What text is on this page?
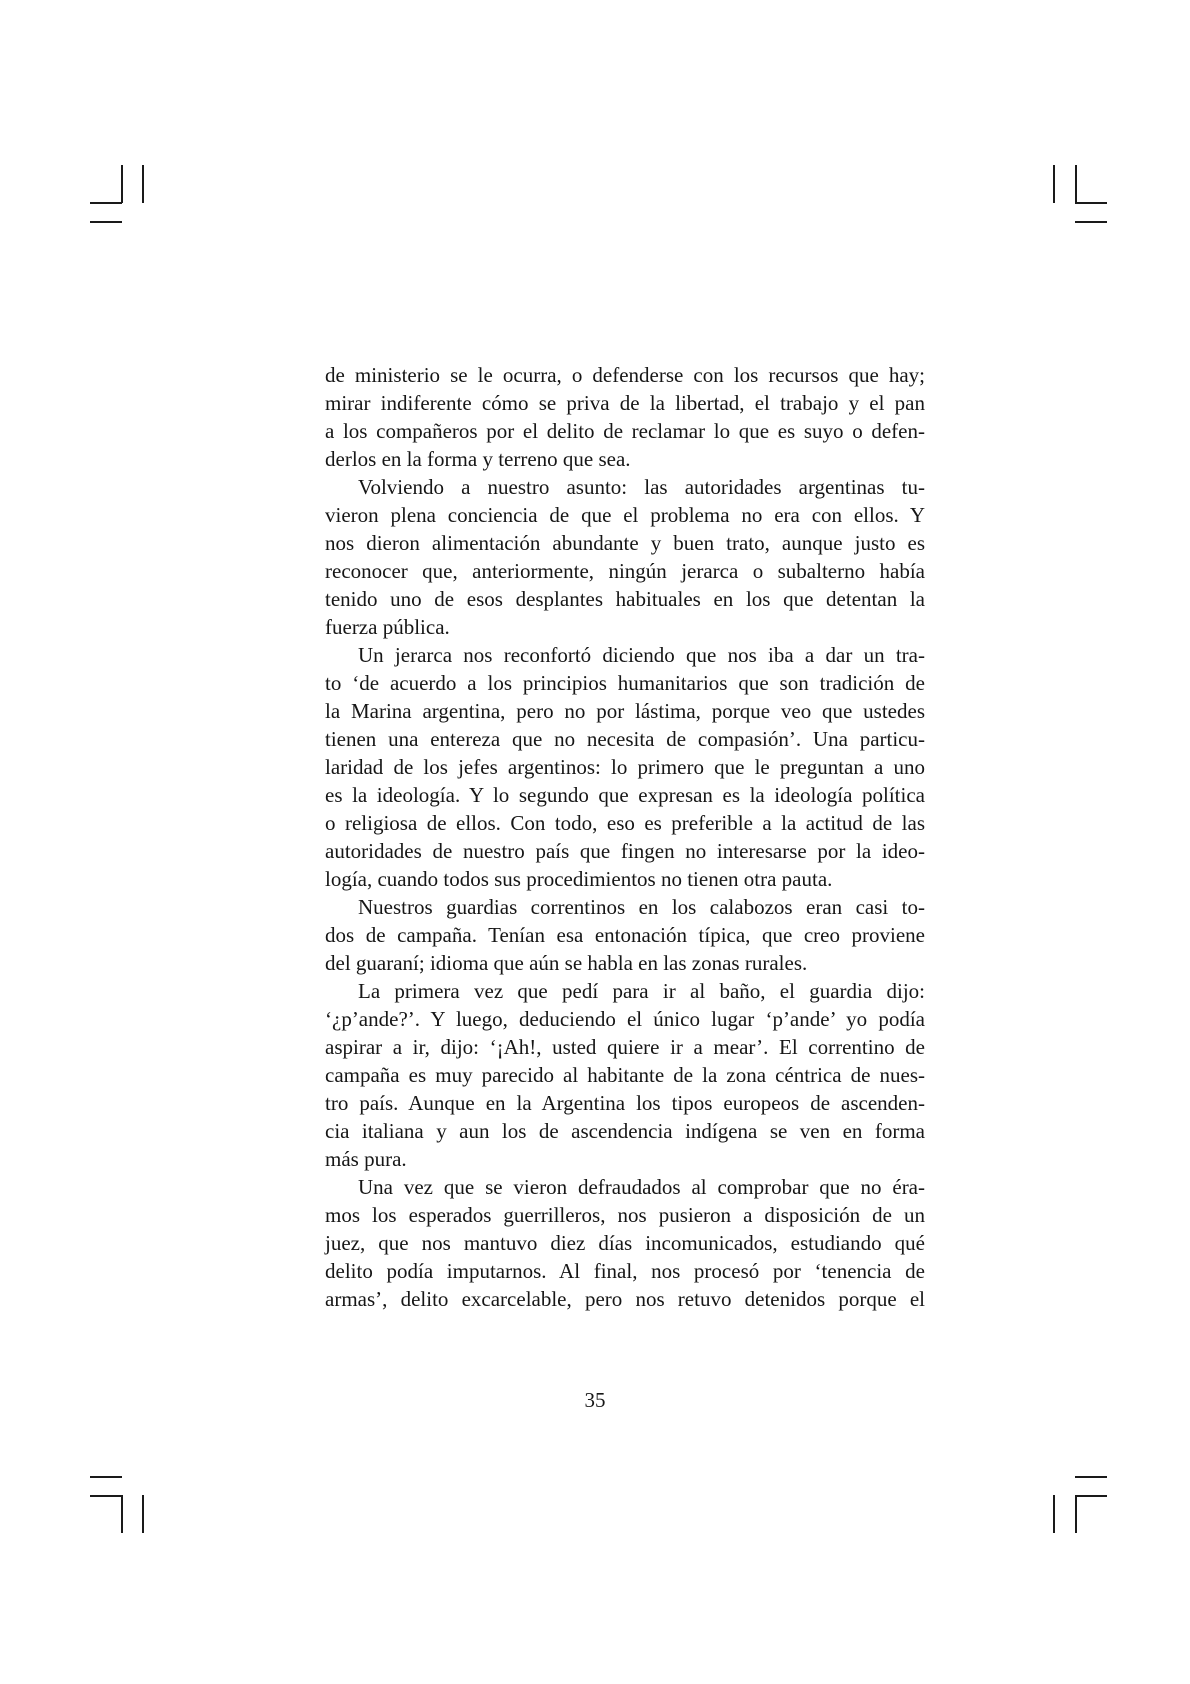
de ministerio se le ocurra, o defenderse con los recursos que hay;
mirar indiferente cómo se priva de la libertad, el trabajo y el pan
a los compañeros por el delito de reclamar lo que es suyo o defen-
derlos en la forma y terreno que sea.
Volviendo a nuestro asunto: las autoridades argentinas tu-
vieron plena conciencia de que el problema no era con ellos. Y
nos dieron alimentación abundante y buen trato, aunque justo es
reconocer que, anteriormente, ningún jerarca o subalterno había
tenido uno de esos desplantes habituales en los que detentan la
fuerza pública.
Un jerarca nos reconfortó diciendo que nos iba a dar un tra-
to ‘de acuerdo a los principios humanitarios que son tradición de
la Marina argentina, pero no por lástima, porque veo que ustedes
tienen una entereza que no necesita de compasión’. Una particu-
laridad de los jefes argentinos: lo primero que le preguntan a uno
es la ideología. Y lo segundo que expresan es la ideología política
o religiosa de ellos. Con todo, eso es preferible a la actitud de las
autoridades de nuestro país que fingen no interesarse por la ideo-
logía, cuando todos sus procedimientos no tienen otra pauta.
Nuestros guardias correntinos en los calabozos eran casi to-
dos de campaña. Tenían esa entonación típica, que creo proviene
del guaraní; idioma que aún se habla en las zonas rurales.
La primera vez que pedí para ir al baño, el guardia dijo:
‘¿p’ande?’. Y luego, deduciendo el único lugar ‘p’ande’ yo podía
aspirar a ir, dijo: ‘¡Ah!, usted quiere ir a mear’. El correntino de
campaña es muy parecido al habitante de la zona céntrica de nues-
tro país. Aunque en la Argentina los tipos europeos de ascenden-
cia italiana y aun los de ascendencia indígena se ven en forma
más pura.
Una vez que se vieron defraudados al comprobar que no éra-
mos los esperados guerrilleros, nos pusieron a disposición de un
juez, que nos mantuvo diez días incomunicados, estudiando qué
delito podía imputarnos. Al final, nos procesó por ‘tenencia de
armas’, delito excarcelable, pero nos retuvo detenidos porque el
35
